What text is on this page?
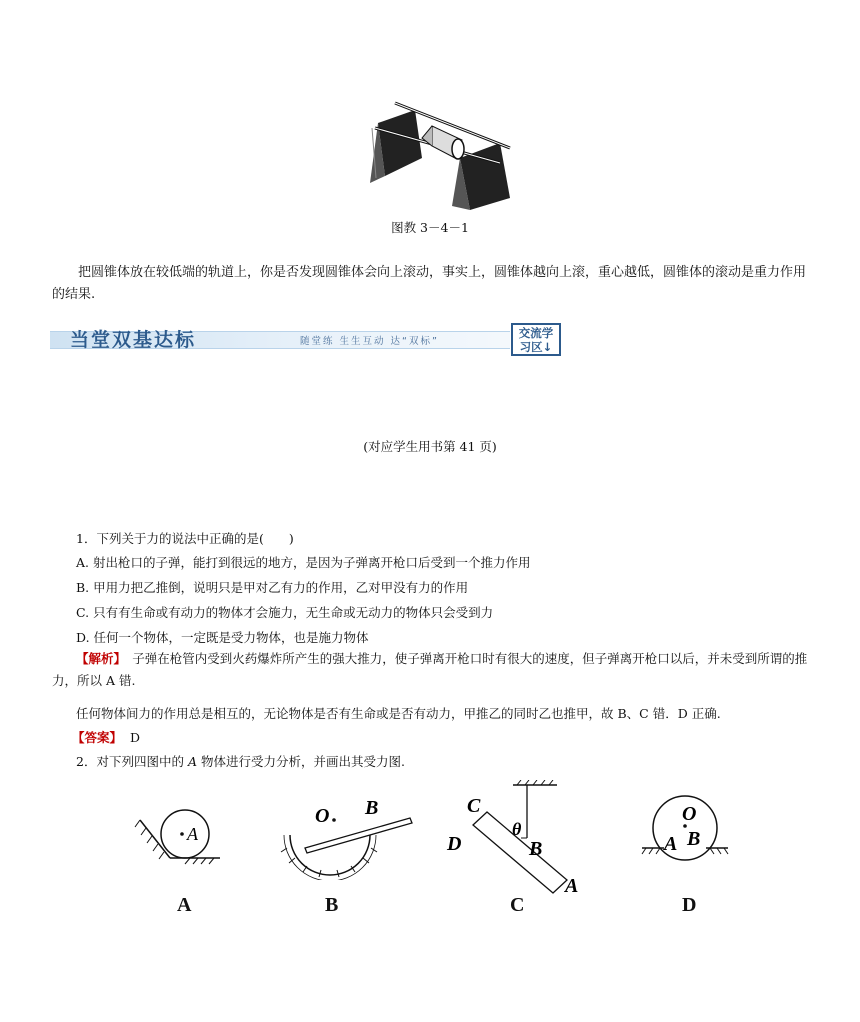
图教 3－4－1
把圆锥体放在较低端的轨道上，你是否发现圆锥体会向上滚动，事实上，圆锥体越向上滚，重心越低，圆锥体的滚动是重力作用的结果.
当堂双基达标	随堂练 生生互动 达“双标”
交流学
习区↓
(对应学生用书第 41 页)
1．下列关于力的说法中正确的是(　　)
A. 射出枪口的子弹，能打到很远的地方，是因为子弹离开枪口后受到一个推力作用
B. 甲用力把乙推倒，说明只是甲对乙有力的作用，乙对甲没有力的作用
C. 只有有生命或有动力的物体才会施力，无生命或无动力的物体只会受到力
D. 任何一个物体，一定既是受力物体，也是施力物体
【解析】　子弹在枪管内受到火药爆炸所产生的强大推力，使子弹离开枪口时有很大的速度，但子弹离开枪口以后，并未受到所谓的推力，所以 A 错.
任何物体间力的作用总是相互的，无论物体是否有生命或是否有动力，甲推乙的同时乙也推甲，故 B、C 错．D 正确.
【答案】 D
2．对下列四图中的 A 物体进行受力分析，并画出其受力图.
A
A
O B
B
C
D
θ
B
A
C
O
A B
D
